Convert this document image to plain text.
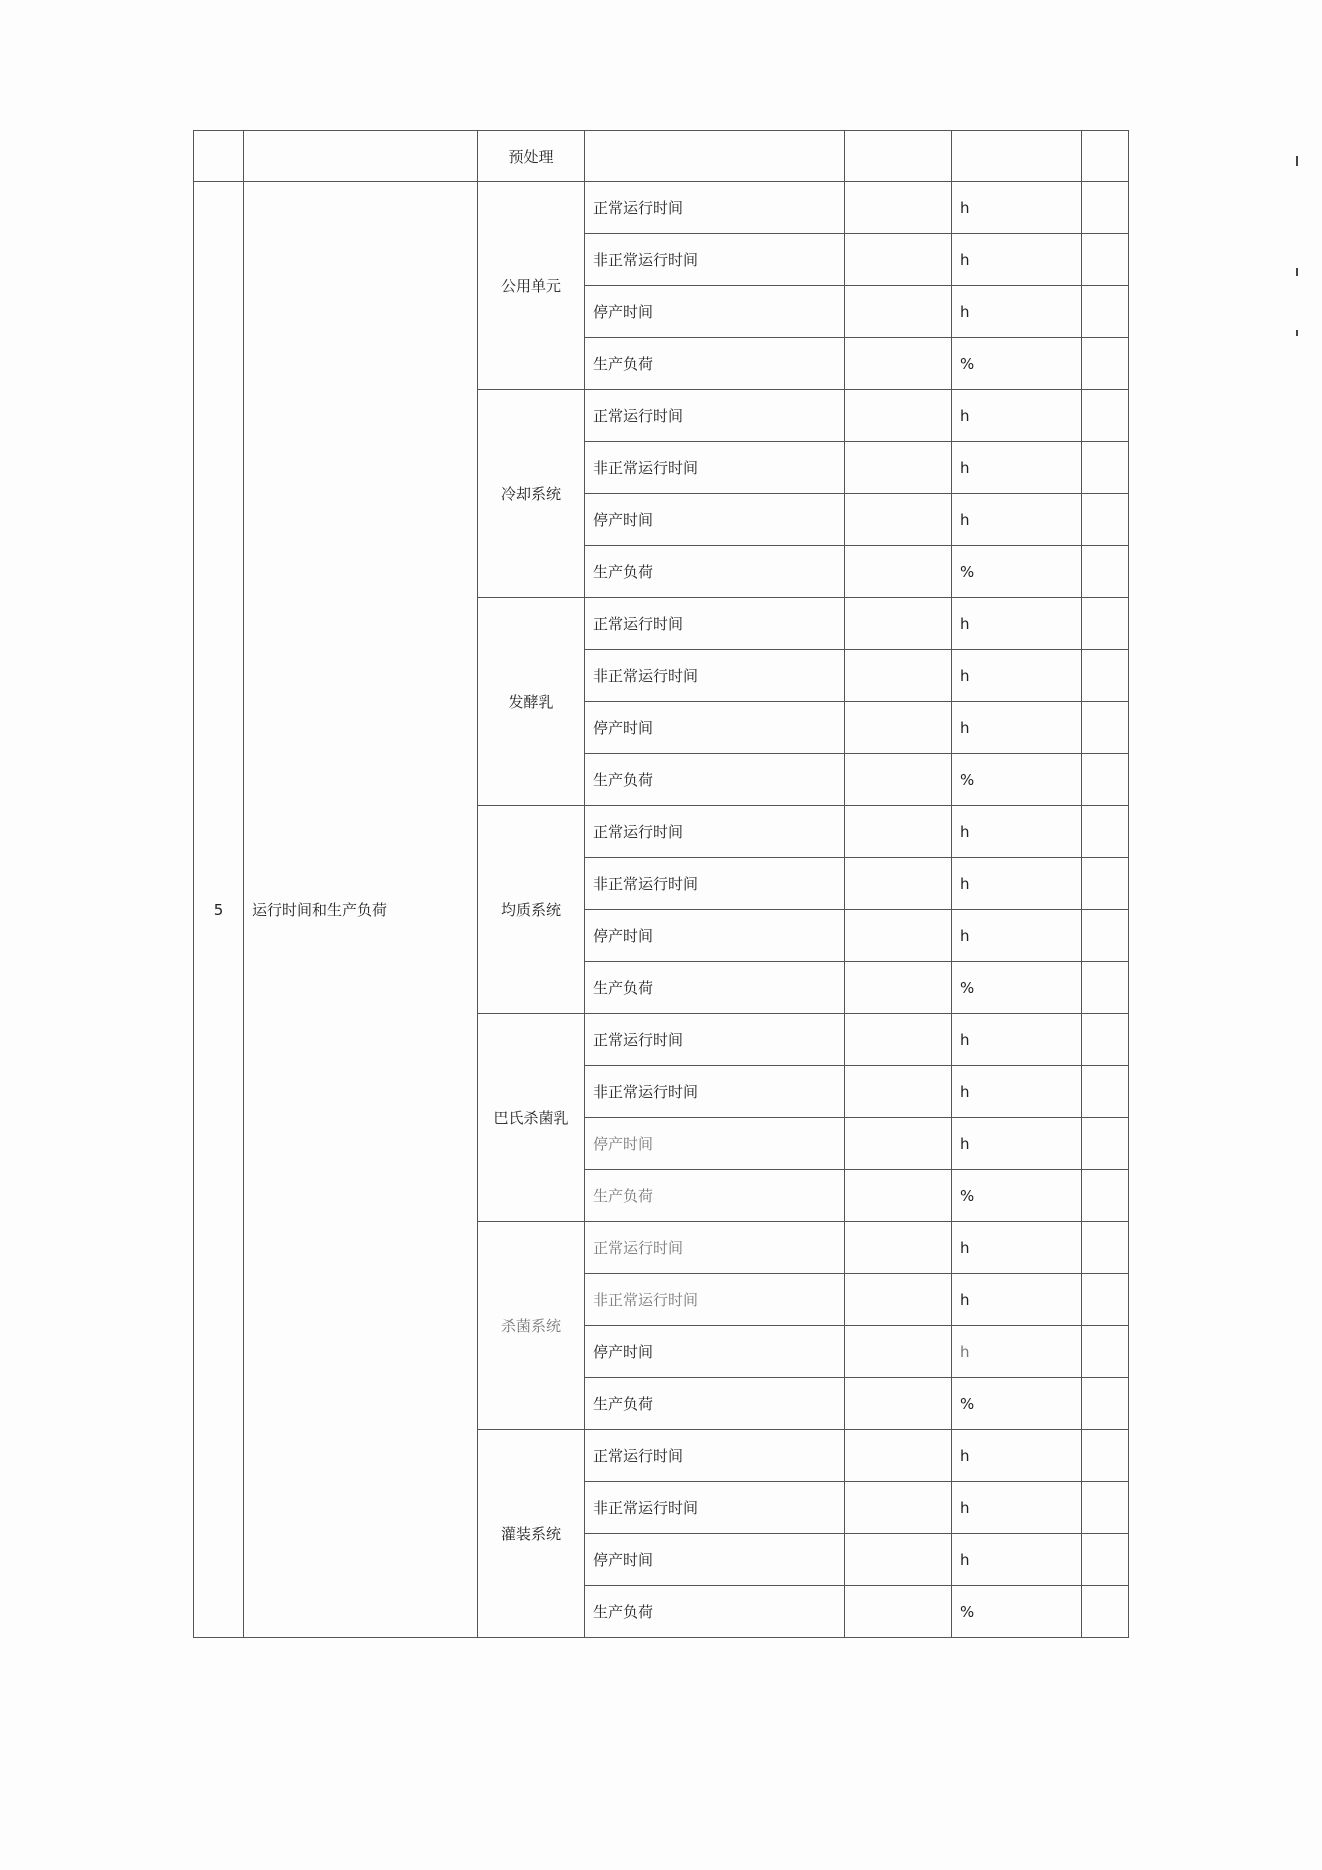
		预处理				
5	运行时间和生产负荷	公用单元	正常运行时间		h	
			非正常运行时间		h	
			停产时间		h	
			生产负荷		%	
		冷却系统	正常运行时间		h	
			非正常运行时间		h	
			停产时间		h	
			生产负荷		%	
		发酵乳	正常运行时间		h	
			非正常运行时间		h	
			停产时间		h	
			生产负荷		%	
		均质系统	正常运行时间		h	
			非正常运行时间		h	
			停产时间		h	
			生产负荷		%	
		巴氏杀菌乳	正常运行时间		h	
			非正常运行时间		h	
			停产时间		h	
			生产负荷		%	
		杀菌系统	正常运行时间		h	
			非正常运行时间		h	
			停产时间		h	
			生产负荷		%	
		灌装系统	正常运行时间		h	
			非正常运行时间		h	
			停产时间		h	
			生产负荷		%	
